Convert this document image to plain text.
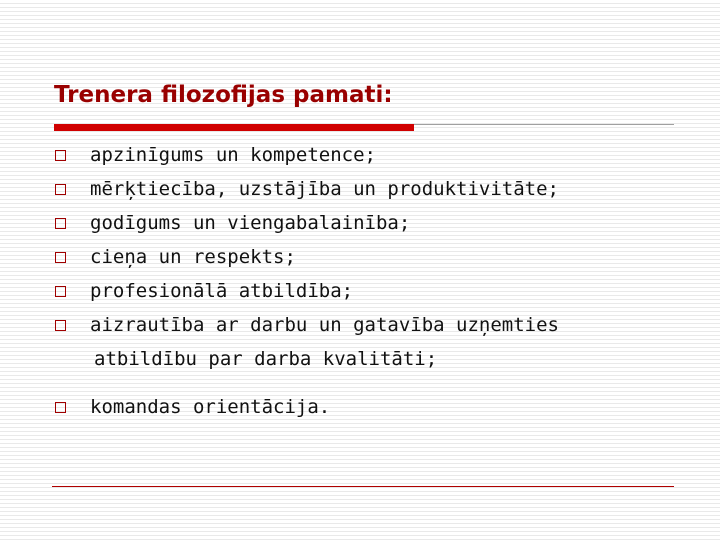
Trenera filozofijas pamati:
apzinīgums un kompetence;
mērķtiecība, uzstājība un produktivitāte;
godīgums un viengabalainība;
cieņa un respekts;
profesionālā atbildība;
aizrautība ar darbu un gatavība uzņemties
atbildību par darba kvalitāti;
komandas orientācija.
